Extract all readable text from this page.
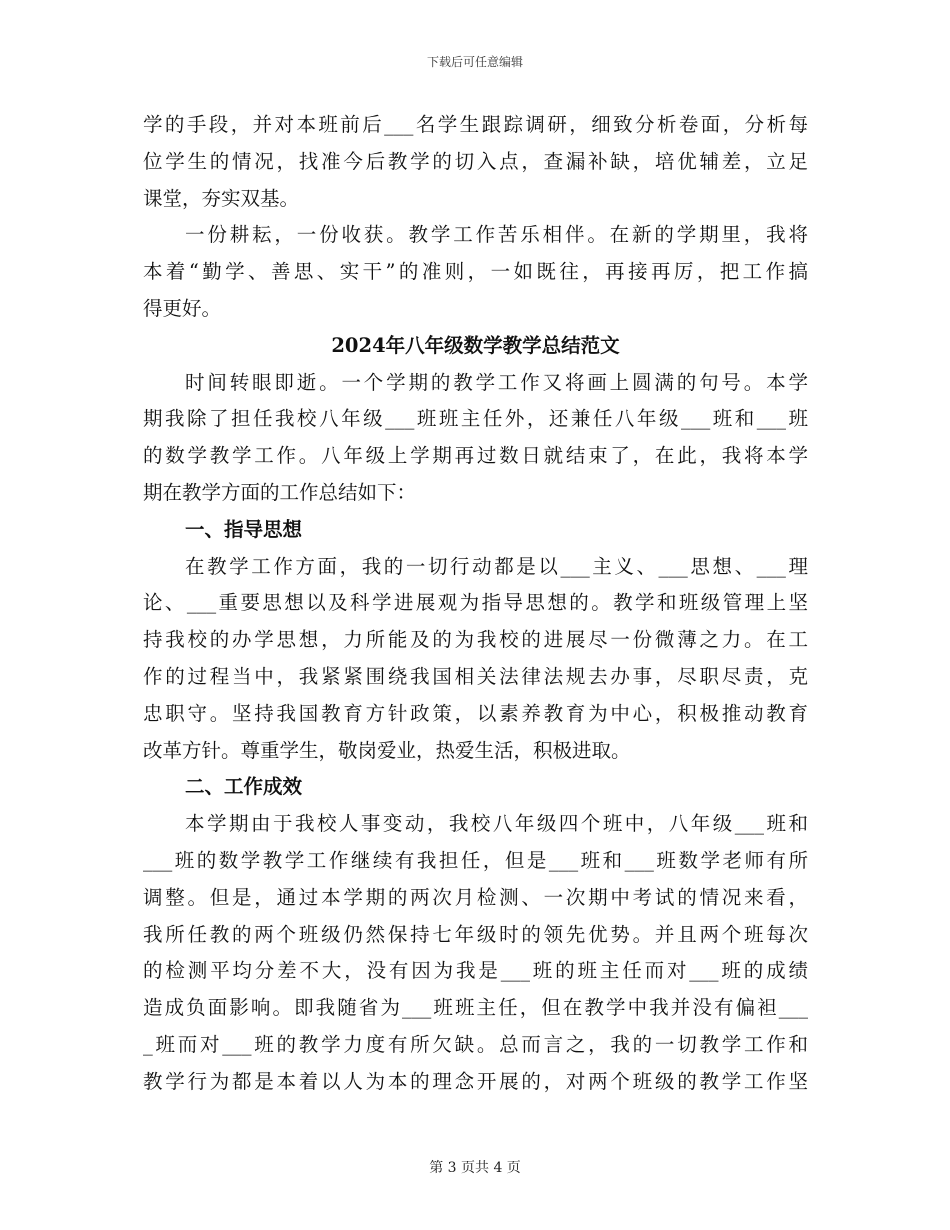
下载后可任意编辑
学的手段，并对本班前后___名学生跟踪调研，细致分析卷面，分析每
位学生的情况，找准今后教学的切入点，查漏补缺，培优辅差，立足
课堂，夯实双基。
一份耕耘，一份收获。教学工作苦乐相伴。在新的学期里，我将
本着“勤学、善思、实干”的准则，一如既往，再接再厉，把工作搞
得更好。
2024年八年级数学教学总结范文
时间转眼即逝。一个学期的教学工作又将画上圆满的句号。本学
期我除了担任我校八年级___班班主任外，还兼任八年级___班和___班
的数学教学工作。八年级上学期再过数日就结束了，在此，我将本学
期在教学方面的工作总结如下：
一、指导思想
在教学工作方面，我的一切行动都是以___主义、___思想、___理
论、___重要思想以及科学进展观为指导思想的。教学和班级管理上坚
持我校的办学思想，力所能及的为我校的进展尽一份微薄之力。在工
作的过程当中，我紧紧围绕我国相关法律法规去办事，尽职尽责，克
忠职守。坚持我国教育方针政策，以素养教育为中心，积极推动教育
改革方针。尊重学生，敬岗爱业，热爱生活，积极进取。
二、工作成效
本学期由于我校人事变动，我校八年级四个班中，八年级___班和
___班的数学教学工作继续有我担任，但是___班和___班数学老师有所
调整。但是，通过本学期的两次月检测、一次期中考试的情况来看，
我所任教的两个班级仍然保持七年级时的领先优势。并且两个班每次
的检测平均分差不大，没有因为我是___班的班主任而对___班的成绩
造成负面影响。即我随省为___班班主任，但在教学中我并没有偏袒___
_班而对___班的教学力度有所欠缺。总而言之，我的一切教学工作和
教学行为都是本着以人为本的理念开展的，对两个班级的教学工作坚
第 3 页共 4 页
